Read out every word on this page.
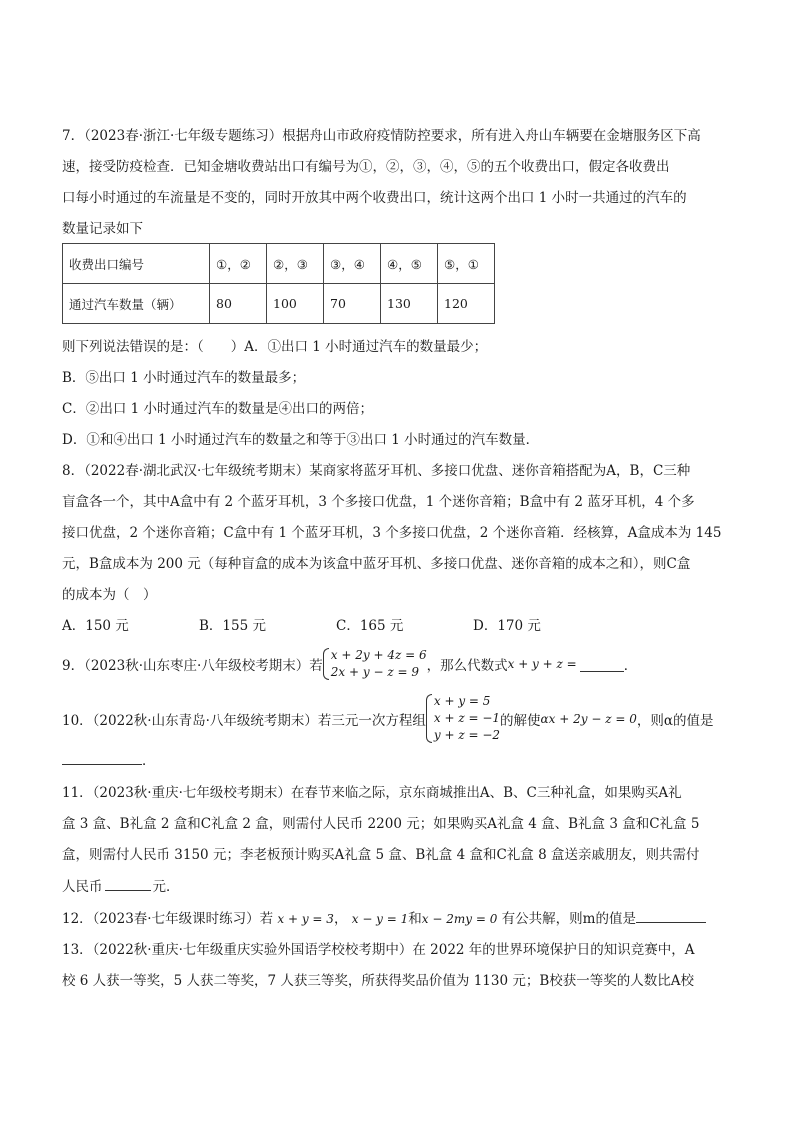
7．（2023春·浙江·七年级专题练习）根据舟山市政府疫情防控要求，所有进入舟山车辆要在金塘服务区下高
速，接受防疫检查．已知金塘收费站出口有编号为①，②，③，④，⑤的五个收费出口，假定各收费出
口每小时通过的车流量是不变的，同时开放其中两个收费出口，统计这两个出口 1 小时一共通过的汽车的
数量记录如下
收费出口编号	①，②	②，③	③，④	④，⑤	⑤，①
通过汽车数量（辆）	80	100	70	130	120
则下列说法错误的是：（　　）A．①出口 1 小时通过汽车的数量最少；
B．⑤出口 1 小时通过汽车的数量最多；
C．②出口 1 小时通过汽车的数量是④出口的两倍；
D．①和④出口 1 小时通过汽车的数量之和等于③出口 1 小时通过的汽车数量．
8．（2022春·湖北武汉·七年级统考期末）某商家将蓝牙耳机、多接口优盘、迷你音箱搭配为A，B，C三种
盲盒各一个，其中A盒中有 2 个蓝牙耳机，3 个多接口优盘，1 个迷你音箱；B盒中有 2 蓝牙耳机，4 个多
接口优盘，2 个迷你音箱；C盒中有 1 个蓝牙耳机，3 个多接口优盘，2 个迷你音箱．经核算，A盒成本为 145
元，B盒成本为 200 元（每种盲盒的成本为该盒中蓝牙耳机、多接口优盘、迷你音箱的成本之和），则C盒
的成本为（　）
A．150 元	B．155 元	C．165 元	D．170 元
9．（2023秋·山东枣庄·八年级校考期末）若
x + 2y + 4z = 6
2x + y − z = 9 ，那么代数式 x + y + z =	．
10．（2022秋·山东青岛·八年级统考期末）若三元一次方程组
x + y = 5
x + z = −1
y + z = −2
的解使 αx + 2y − z = 0 ，则α的值是
．
11．（2023秋·重庆·七年级校考期末）在春节来临之际，京东商城推出A、B、C三种礼盒，如果购买A礼
盒 3 盒、B礼盒 2 盒和C礼盒 2 盒，则需付人民币 2200 元；如果购买A礼盒 4 盒、B礼盒 3 盒和C礼盒 5
盒，则需付人民币 3150 元；李老板预计购买A礼盒 5 盒、B礼盒 4 盒和C礼盒 8 盒送亲戚朋友，则共需付
人民币	元．
12．（2023春·七年级课时练习）若 x + y = 3， x − y = 1和x − 2my = 0 有公共解，则m的值是
13．（2022秋·重庆·七年级重庆实验外国语学校校考期中）在 2022 年的世界环境保护日的知识竞赛中，A
校 6 人获一等奖，5 人获二等奖，7 人获三等奖，所获得奖品价值为 1130 元；B校获一等奖的人数比A校
